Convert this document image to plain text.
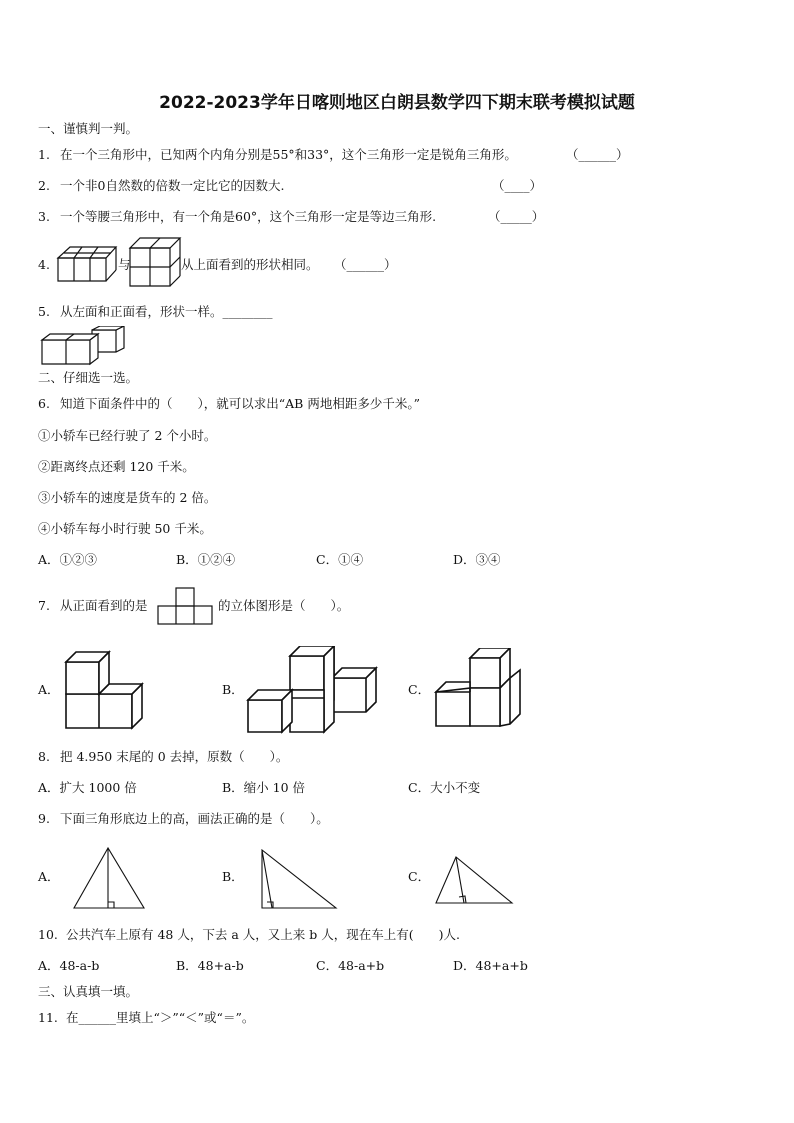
2022-2023学年日喀则地区白朗县数学四下期末联考模拟试题
一、谨慎判一判。
1. 在一个三角形中，已知两个内角分别是55°和33°，这个三角形一定是锐角三角形。	（______）
2. 一个非0自然数的倍数一定比它的因数大.	（____）
3. 一个等腰三角形中，有一个角是60°，这个三角形一定是等边三角形.	（_____）
4.	与	从上面看到的形状相同。 （______）
5. 从左面和正面看，形状一样。________
二、仔细选一选。
6. 知道下面条件中的（　　），就可以求出“AB 两地相距多少千米。”
①小轿车已经行驶了 2 个小时。
②距离终点还剩 120 千米。
③小轿车的速度是货车的 2 倍。
④小轿车每小时行驶 50 千米。
A．①②③	B．①②④	C．①④	D．③④
7. 从正面看到的是	的立体图形是（　　）。
A．	B．	C．
8. 把 4.950 末尾的 0 去掉，原数（　　）。
A．扩大 1000 倍	B．缩小 10 倍	C．大小不变
9. 下面三角形底边上的高，画法正确的是（　　）。
A．	B．	C．
10. 公共汽车上原有 48 人，下去 a 人，又上来 b 人，现在车上有(　　)人.
A．48-a-b	B．48+a-b	C．48-a+b	D．48+a+b
三、认真填一填。
11. 在______里填上“＞”“＜”或“＝”。
